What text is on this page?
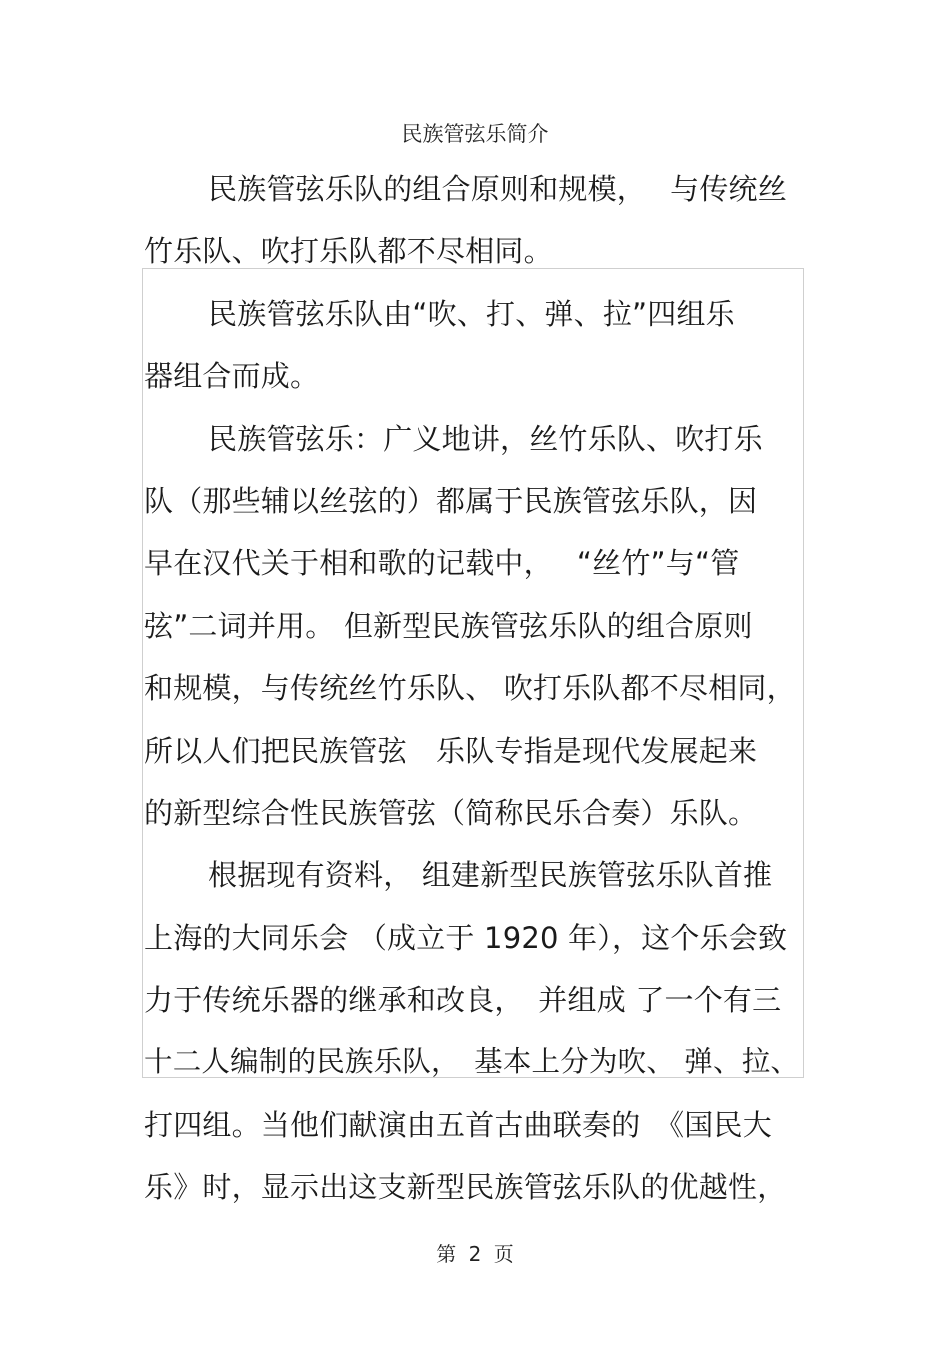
民族管弦乐简介
民族管弦乐队的组合原则和规模，　 与传统丝
竹乐队、吹打乐队都不尽相同。
民族管弦乐队由“吹、打、弹、拉”四组乐
器组合而成。
民族管弦乐：广义地讲，丝竹乐队、吹打乐
队（那些辅以丝弦的）都属于民族管弦乐队，因
早在汉代关于相和歌的记载中，　 “丝竹”与“管
弦”二词并用。 但新型民族管弦乐队的组合原则
和规模，与传统丝竹乐队、 吹打乐队都不尽相同，
所以人们把民族管弦　乐队专指是现代发展起来
的新型综合性民族管弦（简称民乐合奏）乐队。
根据现有资料， 组建新型民族管弦乐队首推
上海的大同乐会 （成立于 1920 年），这个乐会致
力于传统乐器的继承和改良，　并组成 了一个有三
十二人编制的民族乐队，　基本上分为吹、 弹、拉、
打四组。当他们献演由五首古曲联奏的　《国民大
乐》时，显示出这支新型民族管弦乐队的优越性，
第 2 页
